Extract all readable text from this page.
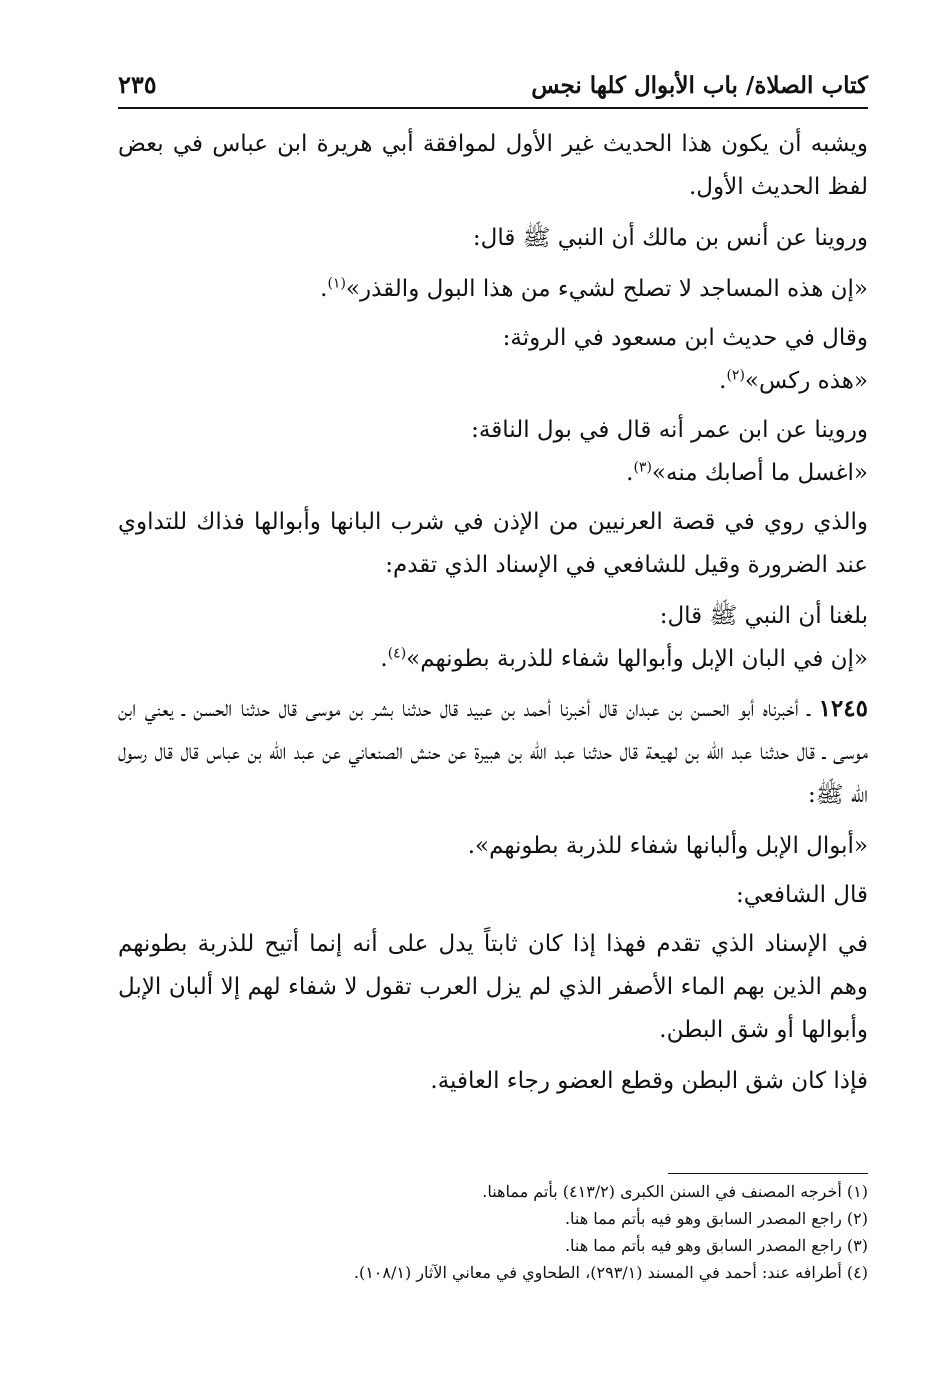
كتاب الصلاة/ باب الأبوال كلها نجس
٢٣٥

ويشبه أن يكون هذا الحديث غير الأول لموافقة أبي هريرة ابن عباس في بعض لفظ الحديث الأول.

وروينا عن أنس بن مالك أن النبي ﷺ قال:

«إن هذه المساجد لا تصلح لشيء من هذا البول والقذر»$^{(١)}$.

وقال في حديث ابن مسعود في الروثة:

«هذه ركس»$^{(٢)}$.

وروينا عن ابن عمر أنه قال في بول الناقة:

«اغسل ما أصابك منه»$^{(٣)}$.

والذي روي في قصة العرنيين من الإذن في شرب البانها وأبوالها فذاك للتداوي عند الضرورة وقيل للشافعي في الإسناد الذي تقدم:

بلغنا أن النبي ﷺ قال:

«إن في البان الإبل وأبوالها شفاء للذربة بطونهم»$^{(٤)}$.

١٢٤٥ ـ أخبرناه أبو الحسن بن عبدان قال أخبرنا أحمد بن عبيد قال حدثنا بشر بن موسى قال حدثنا الحسن ـ يعني ابن موسى ـ قال حدثنا عبد الله بن لهيعة قال حدثنا عبد الله بن هبيرة عن حنش الصنعاني عن عبد الله بن عباس قال قال رسول الله ﷺ:

«أبوال الإبل وألبانها شفاء للذربة بطونهم».

قال الشافعي:

في الإسناد الذي تقدم فهذا إذا كان ثابتاً يدل على أنه إنما أتيح للذربة بطونهم وهم الذين بهم الماء الأصفر الذي لم يزل العرب تقول لا شفاء لهم إلا ألبان الإبل وأبوالها أو شق البطن.

فإذا كان شق البطن وقطع العضو رجاء العافية.

(١) أخرجه المصنف في السنن الكبرى (٤١٣/٢) بأتم مماهنا.

(٢) راجع المصدر السابق وهو فيه بأتم مما هنا.

(٣) راجع المصدر السابق وهو فيه بأتم مما هنا.

(٤) أطرافه عند: أحمد في المسند (٢٩٣/١)، الطحاوي في معاني الآثار (١٠٨/١).
